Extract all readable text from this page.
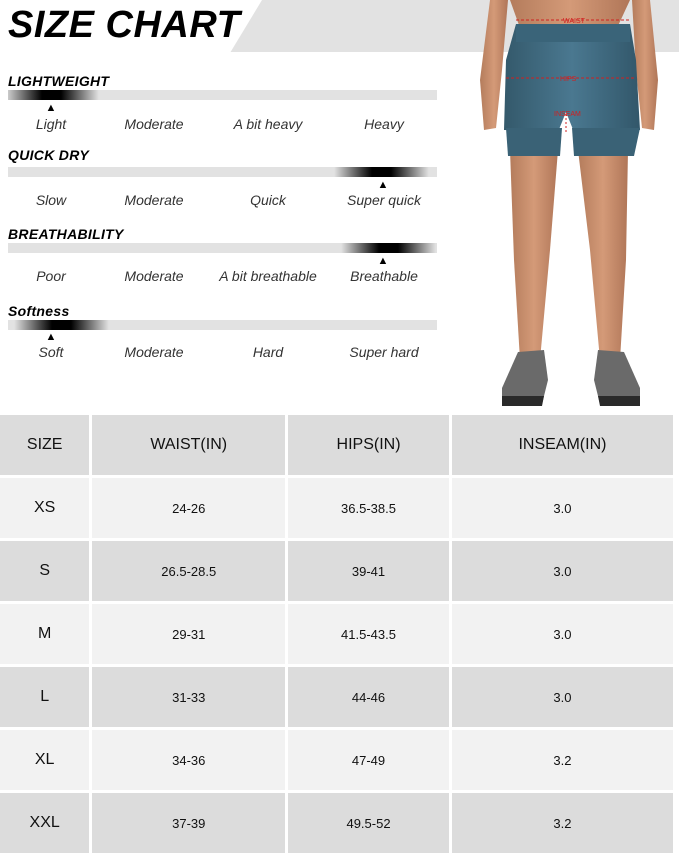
SIZE CHART
LIGHTWEIGHT
▲
Light	Moderate	A bit heavy	Heavy
QUICK DRY
▲
Slow	Moderate	Quick	Super quick
BREATHABILITY
▲
Poor	Moderate	A bit breathable	Breathable
Softness
▲
Soft	Moderate	Hard	Super hard
WAIST
HIPS
INSEAM
SIZE	WAIST(IN)	HIPS(IN)	INSEAM(IN)
XS	24-26	36.5-38.5	3.0
S	26.5-28.5	39-41	3.0
M	29-31	41.5-43.5	3.0
L	31-33	44-46	3.0
XL	34-36	47-49	3.2
XXL	37-39	49.5-52	3.2
